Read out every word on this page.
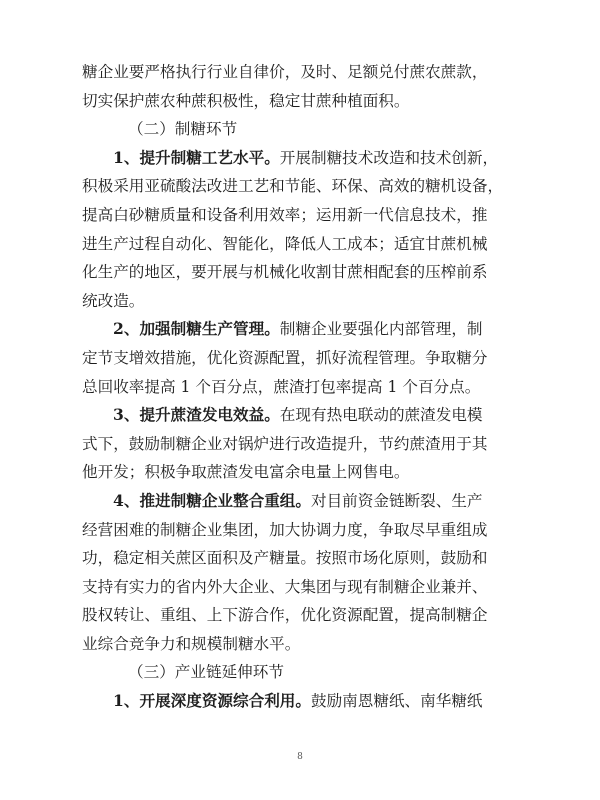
糖企业要严格执行行业自律价，及时、足额兑付蔗农蔗款，
切实保护蔗农种蔗积极性，稳定甘蔗种植面积。
（二）制糖环节
1、提升制糖工艺水平。开展制糖技术改造和技术创新，
积极采用亚硫酸法改进工艺和节能、环保、高效的糖机设备，
提高白砂糖质量和设备利用效率；运用新一代信息技术，推
进生产过程自动化、智能化，降低人工成本；适宜甘蔗机械
化生产的地区，要开展与机械化收割甘蔗相配套的压榨前系
统改造。
2、加强制糖生产管理。制糖企业要强化内部管理，制
定节支增效措施，优化资源配置，抓好流程管理。争取糖分
总回收率提高 1 个百分点，蔗渣打包率提高 1 个百分点。
3、提升蔗渣发电效益。在现有热电联动的蔗渣发电模
式下，鼓励制糖企业对锅炉进行改造提升，节约蔗渣用于其
他开发；积极争取蔗渣发电富余电量上网售电。
4、推进制糖企业整合重组。对目前资金链断裂、生产
经营困难的制糖企业集团，加大协调力度，争取尽早重组成
功，稳定相关蔗区面积及产糖量。按照市场化原则，鼓励和
支持有实力的省内外大企业、大集团与现有制糖企业兼并、
股权转让、重组、上下游合作，优化资源配置，提高制糖企
业综合竞争力和规模制糖水平。
（三）产业链延伸环节
1、开展深度资源综合利用。鼓励南恩糖纸、南华糖纸
8
